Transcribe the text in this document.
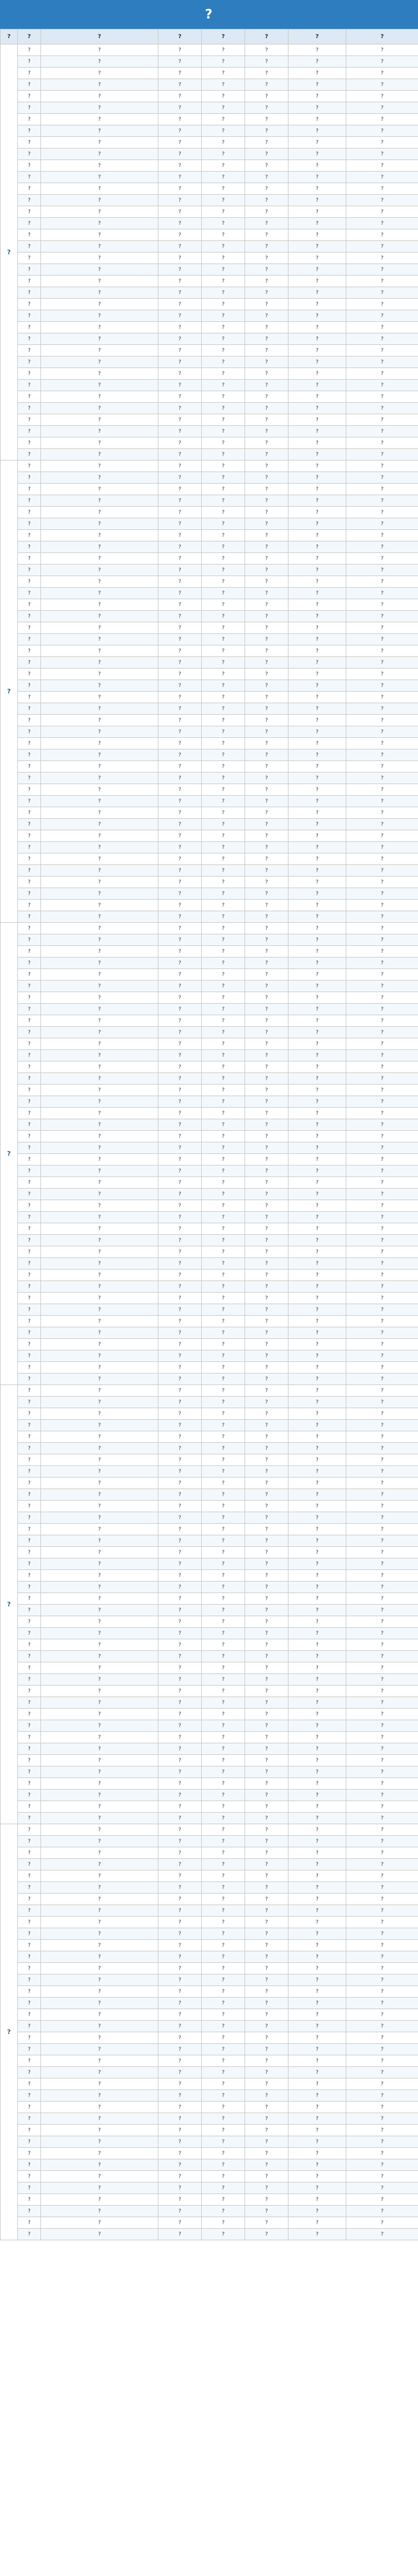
?
?	?	?	?	?	?	?	?
?	?	?	?	?	?	?	?
	?	?	?	?	?	?	?
	?	?	?	?	?	?	?
	?	?	?	?	?	?	?
	?	?	?	?	?	?	?
	?	?	?	?	?	?	?
	?	?	?	?	?	?	?
	?	?	?	?	?	?	?
	?	?	?	?	?	?	?
	?	?	?	?	?	?	?
	?	?	?	?	?	?	?
	?	?	?	?	?	?	?
	?	?	?	?	?	?	?
	?	?	?	?	?	?	?
	?	?	?	?	?	?	?
	?	?	?	?	?	?	?
	?	?	?	?	?	?	?
	?	?	?	?	?	?	?
	?	?	?	?	?	?	?
	?	?	?	?	?	?	?
	?	?	?	?	?	?	?
	?	?	?	?	?	?	?
	?	?	?	?	?	?	?
	?	?	?	?	?	?	?
	?	?	?	?	?	?	?
	?	?	?	?	?	?	?
	?	?	?	?	?	?	?
	?	?	?	?	?	?	?
	?	?	?	?	?	?	?
	?	?	?	?	?	?	?
	?	?	?	?	?	?	?
	?	?	?	?	?	?	?
	?	?	?	?	?	?	?
	?	?	?	?	?	?	?
	?	?	?	?	?	?	?
	?	?	?	?	?	?	?
?	?	?	?	?	?	?	?
	?	?	?	?	?	?	?
	?	?	?	?	?	?	?
	?	?	?	?	?	?	?
	?	?	?	?	?	?	?
	?	?	?	?	?	?	?
	?	?	?	?	?	?	?
	?	?	?	?	?	?	?
	?	?	?	?	?	?	?
	?	?	?	?	?	?	?
	?	?	?	?	?	?	?
	?	?	?	?	?	?	?
	?	?	?	?	?	?	?
	?	?	?	?	?	?	?
	?	?	?	?	?	?	?
	?	?	?	?	?	?	?
	?	?	?	?	?	?	?
	?	?	?	?	?	?	?
	?	?	?	?	?	?	?
	?	?	?	?	?	?	?
	?	?	?	?	?	?	?
	?	?	?	?	?	?	?
	?	?	?	?	?	?	?
	?	?	?	?	?	?	?
	?	?	?	?	?	?	?
	?	?	?	?	?	?	?
	?	?	?	?	?	?	?
	?	?	?	?	?	?	?
	?	?	?	?	?	?	?
	?	?	?	?	?	?	?
	?	?	?	?	?	?	?
	?	?	?	?	?	?	?
	?	?	?	?	?	?	?
	?	?	?	?	?	?	?
	?	?	?	?	?	?	?
	?	?	?	?	?	?	?
	?	?	?	?	?	?	?
	?	?	?	?	?	?	?
	?	?	?	?	?	?	?
	?	?	?	?	?	?	?
?	?	?	?	?	?	?	?
	?	?	?	?	?	?	?
	?	?	?	?	?	?	?
	?	?	?	?	?	?	?
	?	?	?	?	?	?	?
	?	?	?	?	?	?	?
	?	?	?	?	?	?	?
	?	?	?	?	?	?	?
	?	?	?	?	?	?	?
	?	?	?	?	?	?	?
	?	?	?	?	?	?	?
	?	?	?	?	?	?	?
	?	?	?	?	?	?	?
	?	?	?	?	?	?	?
	?	?	?	?	?	?	?
	?	?	?	?	?	?	?
	?	?	?	?	?	?	?
	?	?	?	?	?	?	?
	?	?	?	?	?	?	?
	?	?	?	?	?	?	?
	?	?	?	?	?	?	?
	?	?	?	?	?	?	?
	?	?	?	?	?	?	?
	?	?	?	?	?	?	?
	?	?	?	?	?	?	?
	?	?	?	?	?	?	?
	?	?	?	?	?	?	?
	?	?	?	?	?	?	?
	?	?	?	?	?	?	?
	?	?	?	?	?	?	?
	?	?	?	?	?	?	?
	?	?	?	?	?	?	?
	?	?	?	?	?	?	?
	?	?	?	?	?	?	?
	?	?	?	?	?	?	?
	?	?	?	?	?	?	?
	?	?	?	?	?	?	?
	?	?	?	?	?	?	?
	?	?	?	?	?	?	?
	?	?	?	?	?	?	?
?	?	?	?	?	?	?	?
	?	?	?	?	?	?	?
	?	?	?	?	?	?	?
	?	?	?	?	?	?	?
	?	?	?	?	?	?	?
	?	?	?	?	?	?	?
	?	?	?	?	?	?	?
	?	?	?	?	?	?	?
	?	?	?	?	?	?	?
	?	?	?	?	?	?	?
	?	?	?	?	?	?	?
	?	?	?	?	?	?	?
	?	?	?	?	?	?	?
	?	?	?	?	?	?	?
	?	?	?	?	?	?	?
	?	?	?	?	?	?	?
	?	?	?	?	?	?	?
	?	?	?	?	?	?	?
	?	?	?	?	?	?	?
	?	?	?	?	?	?	?
	?	?	?	?	?	?	?
	?	?	?	?	?	?	?
	?	?	?	?	?	?	?
	?	?	?	?	?	?	?
	?	?	?	?	?	?	?
	?	?	?	?	?	?	?
	?	?	?	?	?	?	?
	?	?	?	?	?	?	?
	?	?	?	?	?	?	?
	?	?	?	?	?	?	?
	?	?	?	?	?	?	?
	?	?	?	?	?	?	?
	?	?	?	?	?	?	?
	?	?	?	?	?	?	?
	?	?	?	?	?	?	?
	?	?	?	?	?	?	?
	?	?	?	?	?	?	?
	?	?	?	?	?	?	?
?	?	?	?	?	?	?	?
	?	?	?	?	?	?	?
	?	?	?	?	?	?	?
	?	?	?	?	?	?	?
	?	?	?	?	?	?	?
	?	?	?	?	?	?	?
	?	?	?	?	?	?	?
	?	?	?	?	?	?	?
	?	?	?	?	?	?	?
	?	?	?	?	?	?	?
	?	?	?	?	?	?	?
	?	?	?	?	?	?	?
	?	?	?	?	?	?	?
	?	?	?	?	?	?	?
	?	?	?	?	?	?	?
	?	?	?	?	?	?	?
	?	?	?	?	?	?	?
	?	?	?	?	?	?	?
	?	?	?	?	?	?	?
	?	?	?	?	?	?	?
	?	?	?	?	?	?	?
	?	?	?	?	?	?	?
	?	?	?	?	?	?	?
	?	?	?	?	?	?	?
	?	?	?	?	?	?	?
	?	?	?	?	?	?	?
	?	?	?	?	?	?	?
	?	?	?	?	?	?	?
	?	?	?	?	?	?	?
	?	?	?	?	?	?	?
	?	?	?	?	?	?	?
	?	?	?	?	?	?	?
	?	?	?	?	?	?	?
	?	?	?	?	?	?	?
	?	?	?	?	?	?	?
	?	?	?	?	?	?	?
